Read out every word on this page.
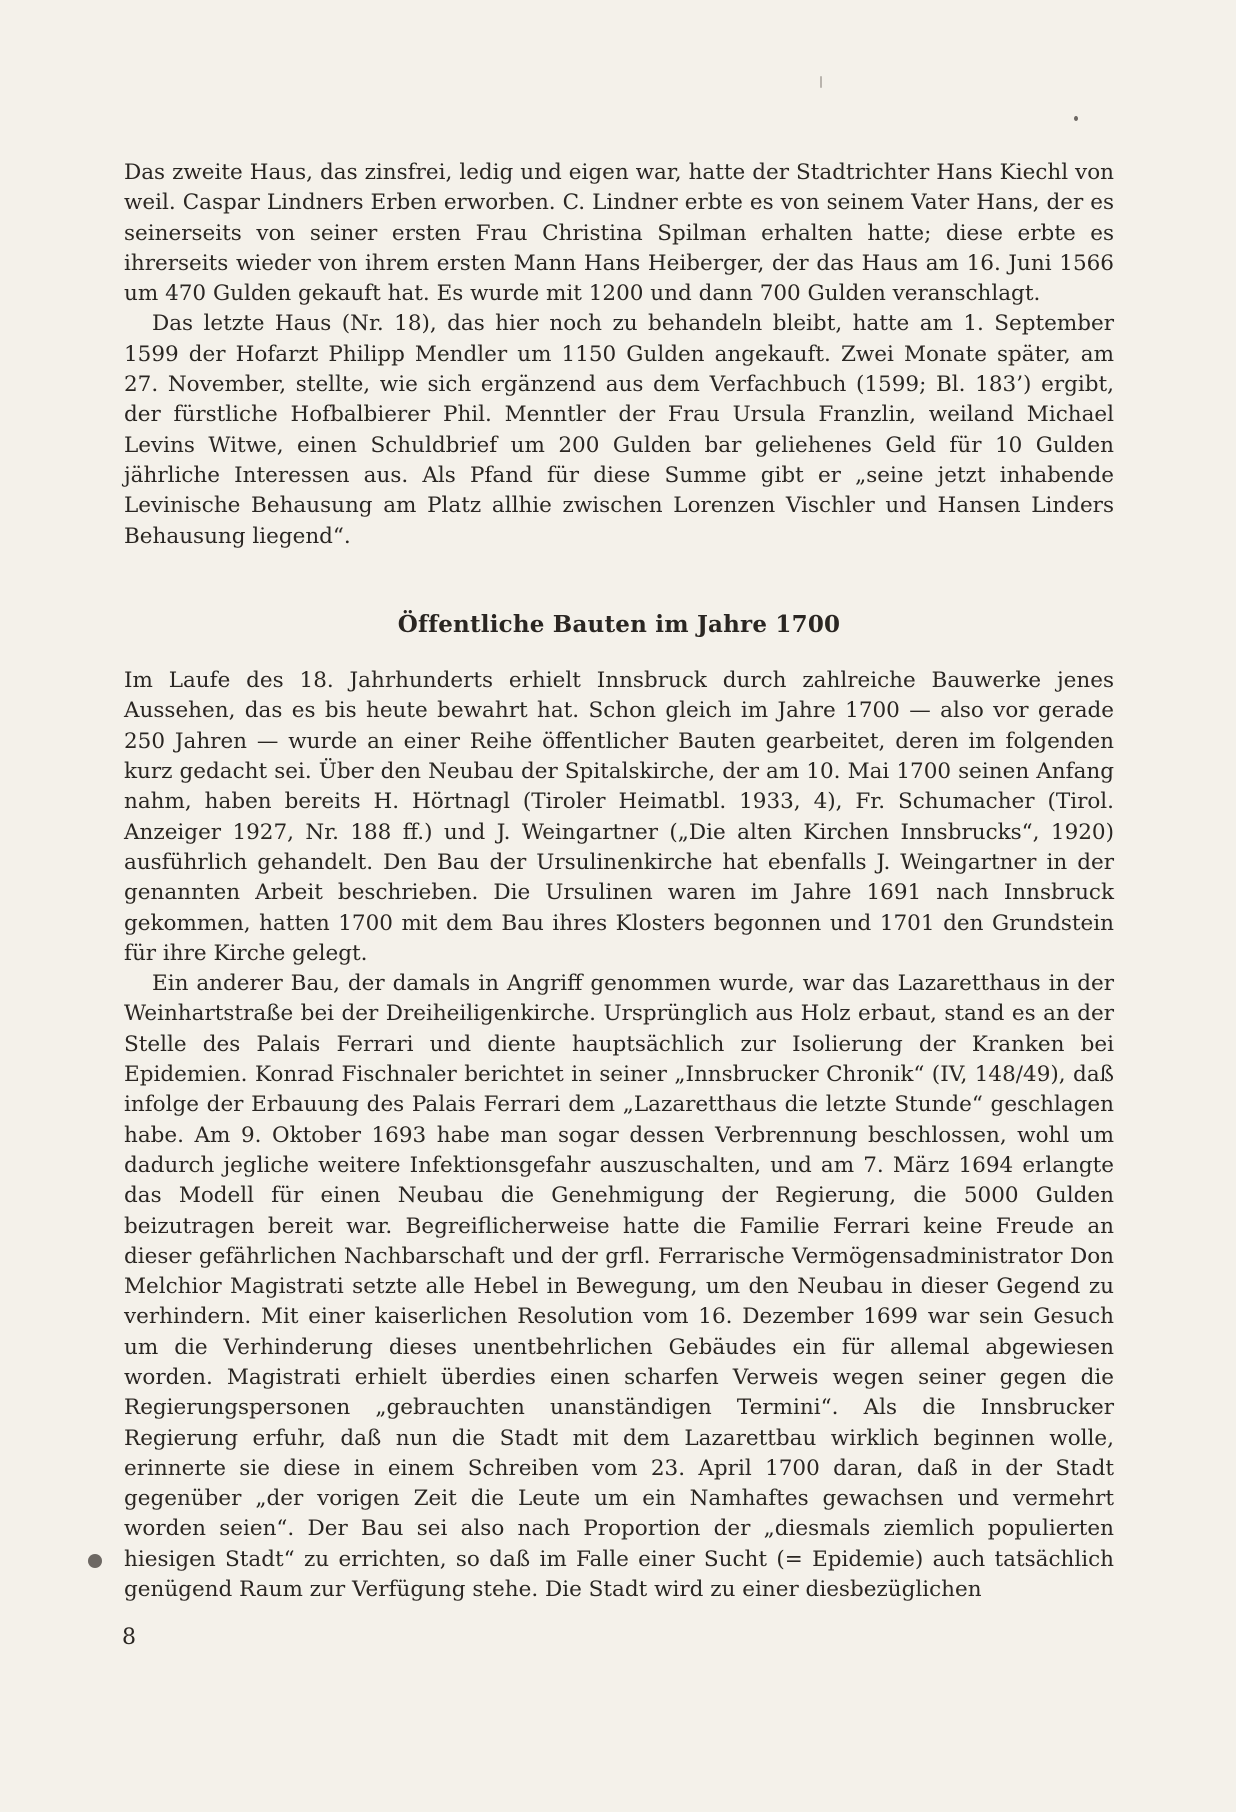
Das zweite Haus, das zinsfrei, ledig und eigen war, hatte der Stadtrichter Hans Kiechl von weil. Caspar Lindners Erben erworben. C. Lindner erbte es von seinem Vater Hans, der es seinerseits von seiner ersten Frau Christina Spilman erhalten hatte; diese erbte es ihrerseits wieder von ihrem ersten Mann Hans Heiberger, der das Haus am 16. Juni 1566 um 470 Gulden gekauft hat. Es wurde mit 1200 und dann 700 Gulden veranschlagt.

Das letzte Haus (Nr. 18), das hier noch zu behandeln bleibt, hatte am 1. September 1599 der Hofarzt Philipp Mendler um 1150 Gulden angekauft. Zwei Monate später, am 27. November, stellte, wie sich ergänzend aus dem Verfachbuch (1599; Bl. 183’) ergibt, der fürstliche Hofbalbierer Phil. Menntler der Frau Ursula Franzlin, weiland Michael Levins Witwe, einen Schuldbrief um 200 Gulden bar geliehenes Geld für 10 Gulden jährliche Interessen aus. Als Pfand für diese Summe gibt er „seine jetzt inhabende Levinische Behausung am Platz allhie zwischen Lorenzen Vischler und Hansen Linders Behausung liegend“.

Öffentliche Bauten im Jahre 1700

Im Laufe des 18. Jahrhunderts erhielt Innsbruck durch zahlreiche Bauwerke jenes Aussehen, das es bis heute bewahrt hat. Schon gleich im Jahre 1700 — also vor gerade 250 Jahren — wurde an einer Reihe öffentlicher Bauten gearbeitet, deren im folgenden kurz gedacht sei. Über den Neubau der Spitalskirche, der am 10. Mai 1700 seinen Anfang nahm, haben bereits H. Hörtnagl (Tiroler Heimatbl. 1933, 4), Fr. Schumacher (Tirol. Anzeiger 1927, Nr. 188 ff.) und J. Weingartner („Die alten Kirchen Innsbrucks“, 1920) ausführlich gehandelt. Den Bau der Ursulinenkirche hat ebenfalls J. Weingartner in der genannten Arbeit beschrieben. Die Ursulinen waren im Jahre 1691 nach Innsbruck gekommen, hatten 1700 mit dem Bau ihres Klosters begonnen und 1701 den Grundstein für ihre Kirche gelegt.

Ein anderer Bau, der damals in Angriff genommen wurde, war das Lazaretthaus in der Weinhartstraße bei der Dreiheiligenkirche. Ursprünglich aus Holz erbaut, stand es an der Stelle des Palais Ferrari und diente hauptsächlich zur Isolierung der Kranken bei Epidemien. Konrad Fischnaler berichtet in seiner „Innsbrucker Chronik“ (IV, 148/49), daß infolge der Erbauung des Palais Ferrari dem „Lazaretthaus die letzte Stunde“ geschlagen habe. Am 9. Oktober 1693 habe man sogar dessen Verbrennung beschlossen, wohl um dadurch jegliche weitere Infektionsgefahr auszuschalten, und am 7. März 1694 erlangte das Modell für einen Neubau die Genehmigung der Regierung, die 5000 Gulden beizutragen bereit war. Begreiflicherweise hatte die Familie Ferrari keine Freude an dieser gefährlichen Nachbarschaft und der grfl. Ferrarische Vermögensadministrator Don Melchior Magistrati setzte alle Hebel in Bewegung, um den Neubau in dieser Gegend zu verhindern. Mit einer kaiserlichen Resolution vom 16. Dezember 1699 war sein Gesuch um die Verhinderung dieses unentbehrlichen Gebäudes ein für allemal abgewiesen worden. Magistrati erhielt überdies einen scharfen Verweis wegen seiner gegen die Regierungspersonen „gebrauchten unanständigen Termini“. Als die Innsbrucker Regierung erfuhr, daß nun die Stadt mit dem Lazarettbau wirklich beginnen wolle, erinnerte sie diese in einem Schreiben vom 23. April 1700 daran, daß in der Stadt gegenüber „der vorigen Zeit die Leute um ein Namhaftes gewachsen und vermehrt worden seien“. Der Bau sei also nach Proportion der „diesmals ziemlich populierten hiesigen Stadt“ zu errichten, so daß im Falle einer Sucht (= Epidemie) auch tatsächlich genügend Raum zur Verfügung stehe. Die Stadt wird zu einer diesbezüglichen

8
